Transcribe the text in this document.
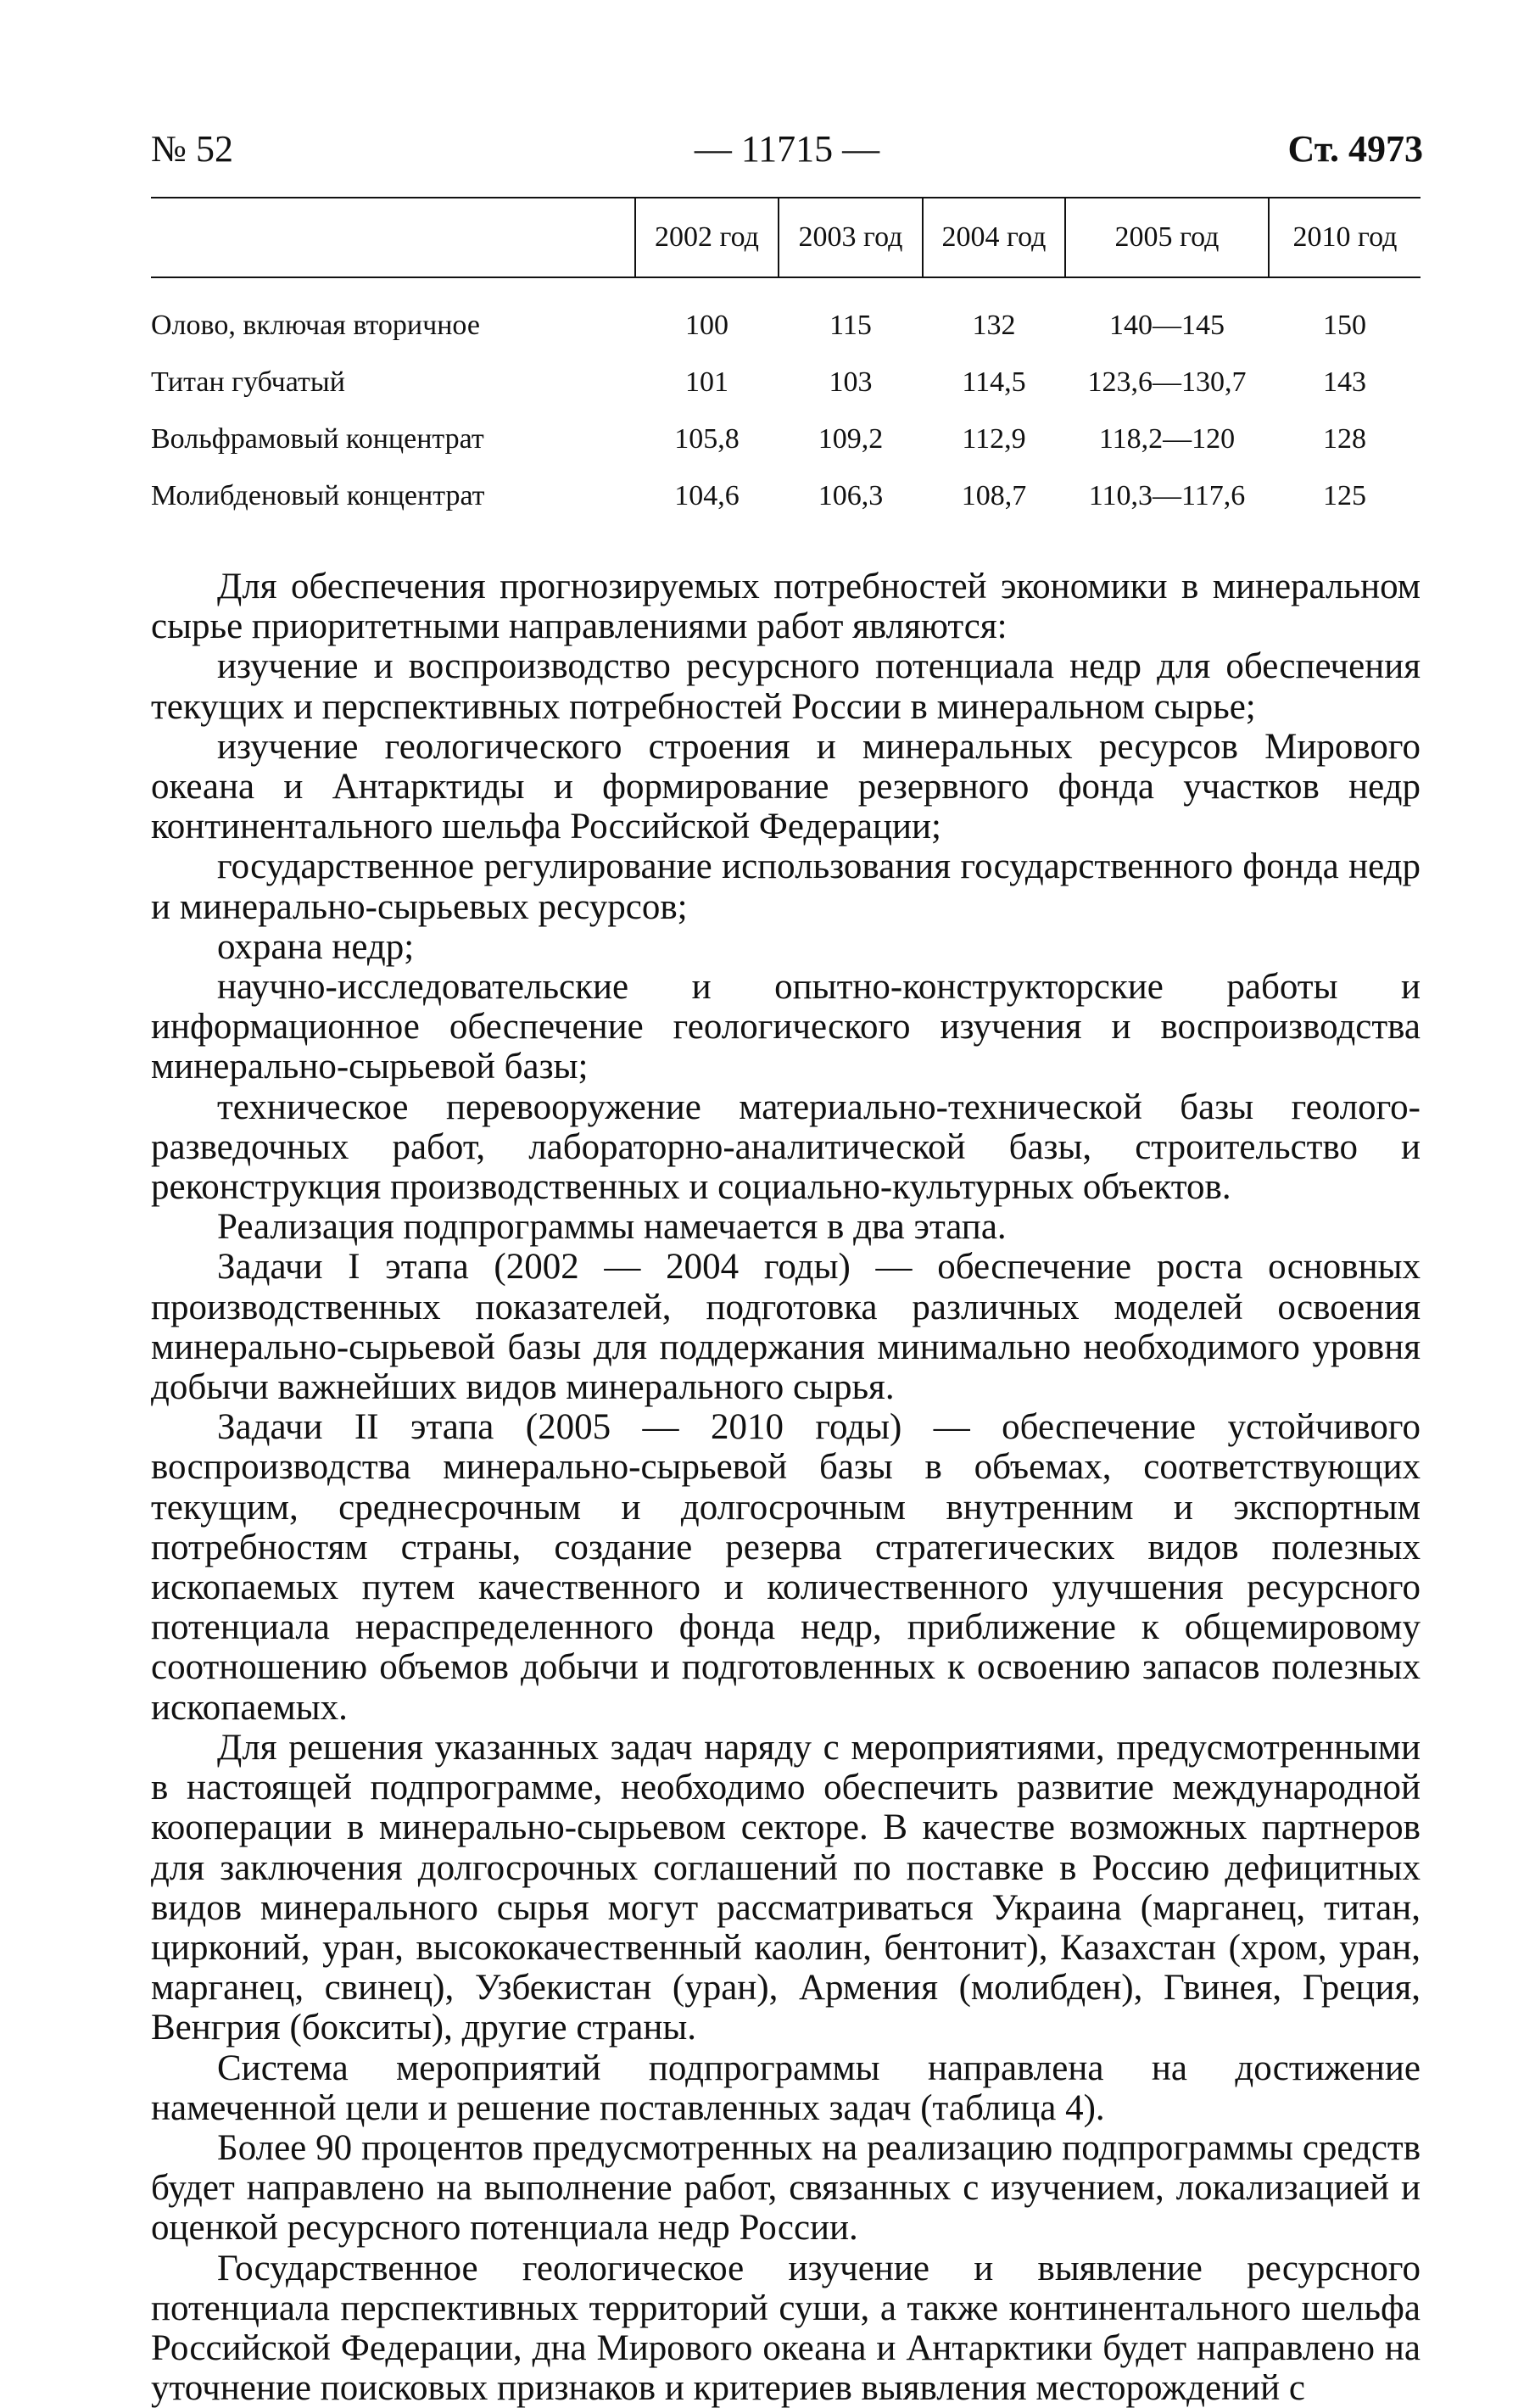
№ 52	— 11715 —	Ст. 4973
	2002 год	2003 год	2004 год	2005 год	2010 год
Олово, включая вторичное	100	115	132	140—145	150
Титан губчатый	101	103	114,5	123,6—130,7	143
Вольфрамовый концентрат	105,8	109,2	112,9	118,2—120	128
Молибденовый концентрат	104,6	106,3	108,7	110,3—117,6	125

Для обеспечения прогнозируемых потребностей экономики в минеральном сырье приоритетными направлениями работ являются:

изучение и воспроизводство ресурсного потенциала недр для обеспечения текущих и перспективных потребностей России в минеральном сырье;

изучение геологического строения и минеральных ресурсов Мирового океана и Антарктиды и формирование резервного фонда участков недр континентального шельфа Российской Федерации;

государственное регулирование использования государственного фонда недр и минерально-сырьевых ресурсов;

охрана недр;

научно-исследовательские и опытно-конструкторские работы и информационное обеспечение геологического изучения и воспроизводства минерально-сырьевой базы;

техническое перевооружение материально-технической базы геолого-разведочных работ, лабораторно-аналитической базы, строительство и реконструкция производственных и социально-культурных объектов.

Реализация подпрограммы намечается в два этапа.

Задачи I этапа (2002 — 2004 годы) — обеспечение роста основных производственных показателей, подготовка различных моделей освоения минерально-сырьевой базы для поддержания минимально необходимого уровня добычи важнейших видов минерального сырья.

Задачи II этапа (2005 — 2010 годы) — обеспечение устойчивого воспроизводства минерально-сырьевой базы в объемах, соответствующих текущим, среднесрочным и долгосрочным внутренним и экспортным потребностям страны, создание резерва стратегических видов полезных ископаемых путем качественного и количественного улучшения ресурсного потенциала нераспределенного фонда недр, приближение к общемировому соотношению объемов добычи и подготовленных к освоению запасов полезных ископаемых.

Для решения указанных задач наряду с мероприятиями, предусмотренными в настоящей подпрограмме, необходимо обеспечить развитие международной кооперации в минерально-сырьевом секторе. В качестве возможных партнеров для заключения долгосрочных соглашений по поставке в Россию дефицитных видов минерального сырья могут рассматриваться Украина (марганец, титан, цирконий, уран, высококачественный каолин, бентонит), Казахстан (хром, уран, марганец, свинец), Узбекистан (уран), Армения (молибден), Гвинея, Греция, Венгрия (бокситы), другие страны.

Система мероприятий подпрограммы направлена на достижение намеченной цели и решение поставленных задач (таблица 4).

Более 90 процентов предусмотренных на реализацию подпрограммы средств будет направлено на выполнение работ, связанных с изучением, локализацией и оценкой ресурсного потенциала недр России.

Государственное геологическое изучение и выявление ресурсного потенциала перспективных территорий суши, а также континентального шельфа Российской Федерации, дна Мирового океана и Антарктики будет направлено на уточнение поисковых признаков и критериев выявления месторождений с
